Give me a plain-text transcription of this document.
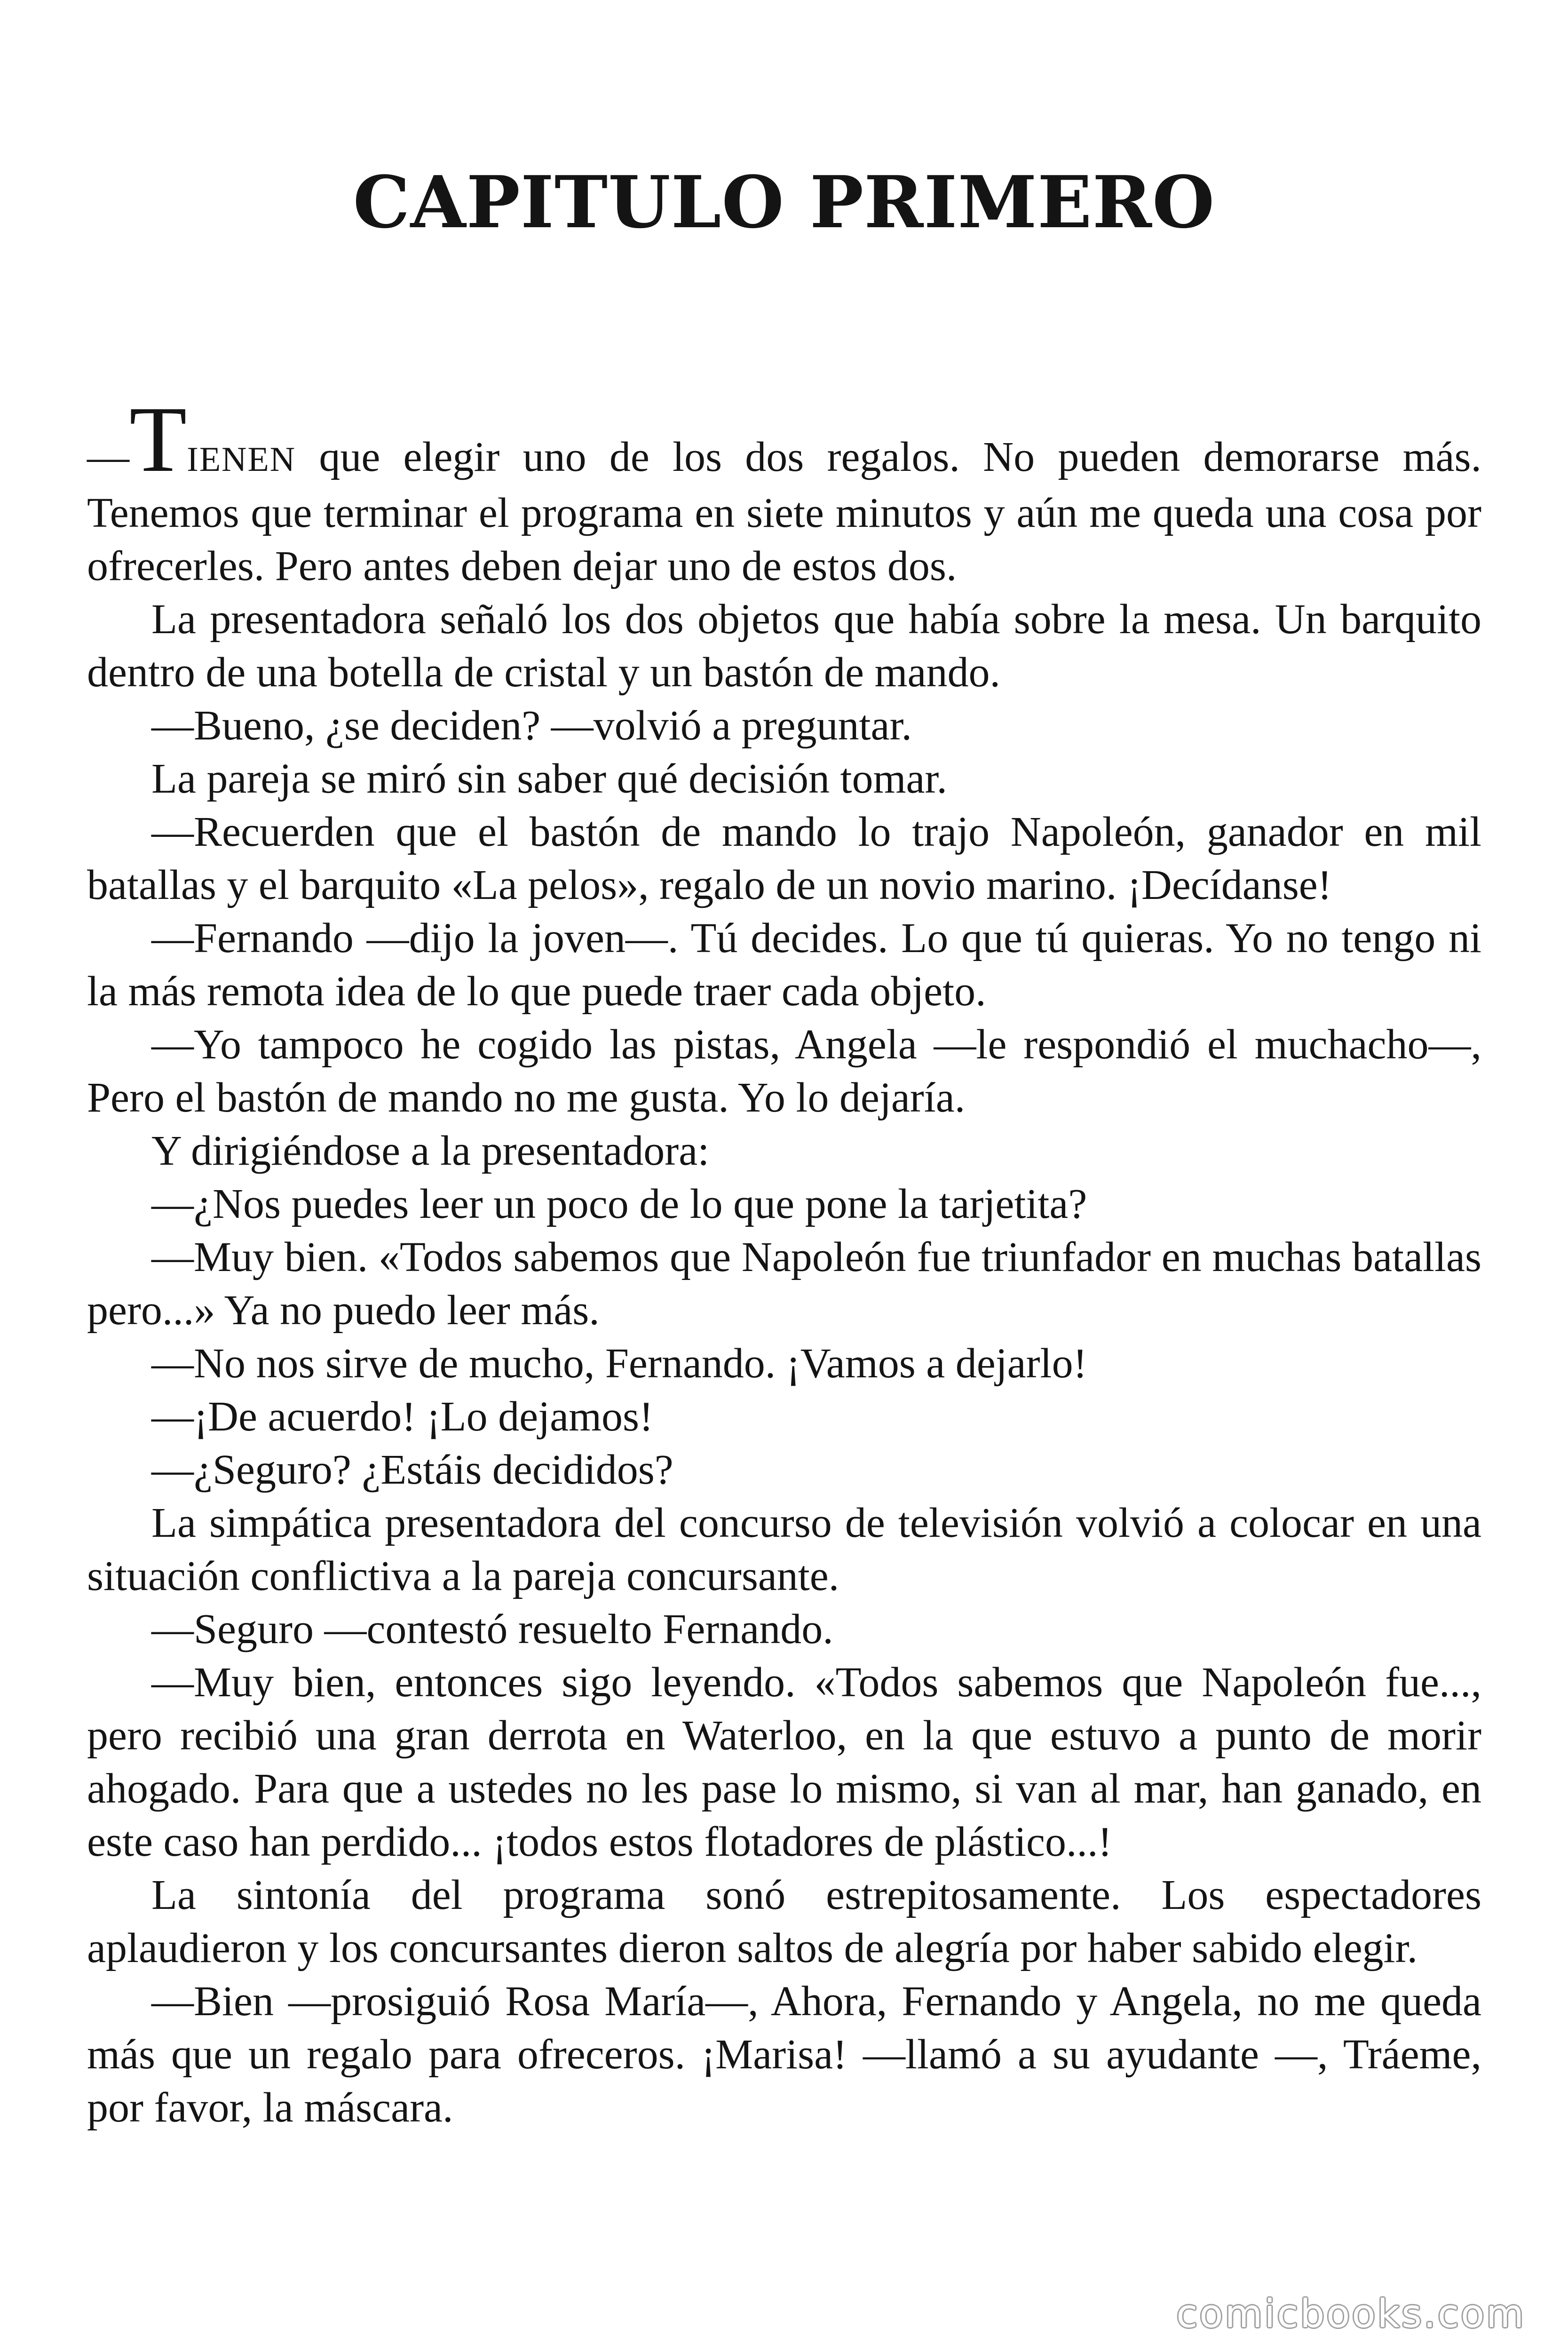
CAPITULO PRIMERO

—TIENEN que elegir uno de los dos regalos. No pueden demorarse más. Tenemos que terminar el programa en siete minutos y aún me queda una cosa por ofrecerles. Pero antes deben dejar uno de estos dos.

La presentadora señaló los dos objetos que había sobre la mesa. Un barquito dentro de una botella de cristal y un bastón de mando.

—Bueno, ¿se deciden? —volvió a preguntar.

La pareja se miró sin saber qué decisión tomar.

—Recuerden que el bastón de mando lo trajo Napoleón, ganador en mil batallas y el barquito «La pelos», regalo de un novio marino. ¡Decídanse!

—Fernando —dijo la joven—. Tú decides. Lo que tú quieras. Yo no tengo ni la más remota idea de lo que puede traer cada objeto.

—Yo tampoco he cogido las pistas, Angela —le respondió el muchacho—, Pero el bastón de mando no me gusta. Yo lo dejaría.

Y dirigiéndose a la presentadora:

—¿Nos puedes leer un poco de lo que pone la tarjetita?

—Muy bien. «Todos sabemos que Napoleón fue triunfador en muchas batallas pero...» Ya no puedo leer más.

—No nos sirve de mucho, Fernando. ¡Vamos a dejarlo!

—¡De acuerdo! ¡Lo dejamos!

—¿Seguro? ¿Estáis decididos?

La simpática presentadora del concurso de televisión volvió a colocar en una situación conflictiva a la pareja concursante.

—Seguro —contestó resuelto Fernando.

—Muy bien, entonces sigo leyendo. «Todos sabemos que Napoleón fue..., pero recibió una gran derrota en Waterloo, en la que estuvo a punto de morir ahogado. Para que a ustedes no les pase lo mismo, si van al mar, han ganado, en este caso han perdido... ¡todos estos flotadores de plástico...!

La sintonía del programa sonó estrepitosamente. Los espectadores aplaudieron y los concursantes dieron saltos de alegría por haber sabido elegir.

—Bien —prosiguió Rosa María—, Ahora, Fernando y Angela, no me queda más que un regalo para ofreceros. ¡Marisa! —llamó a su ayudante —, Tráeme, por favor, la máscara.

comicbooks.com
